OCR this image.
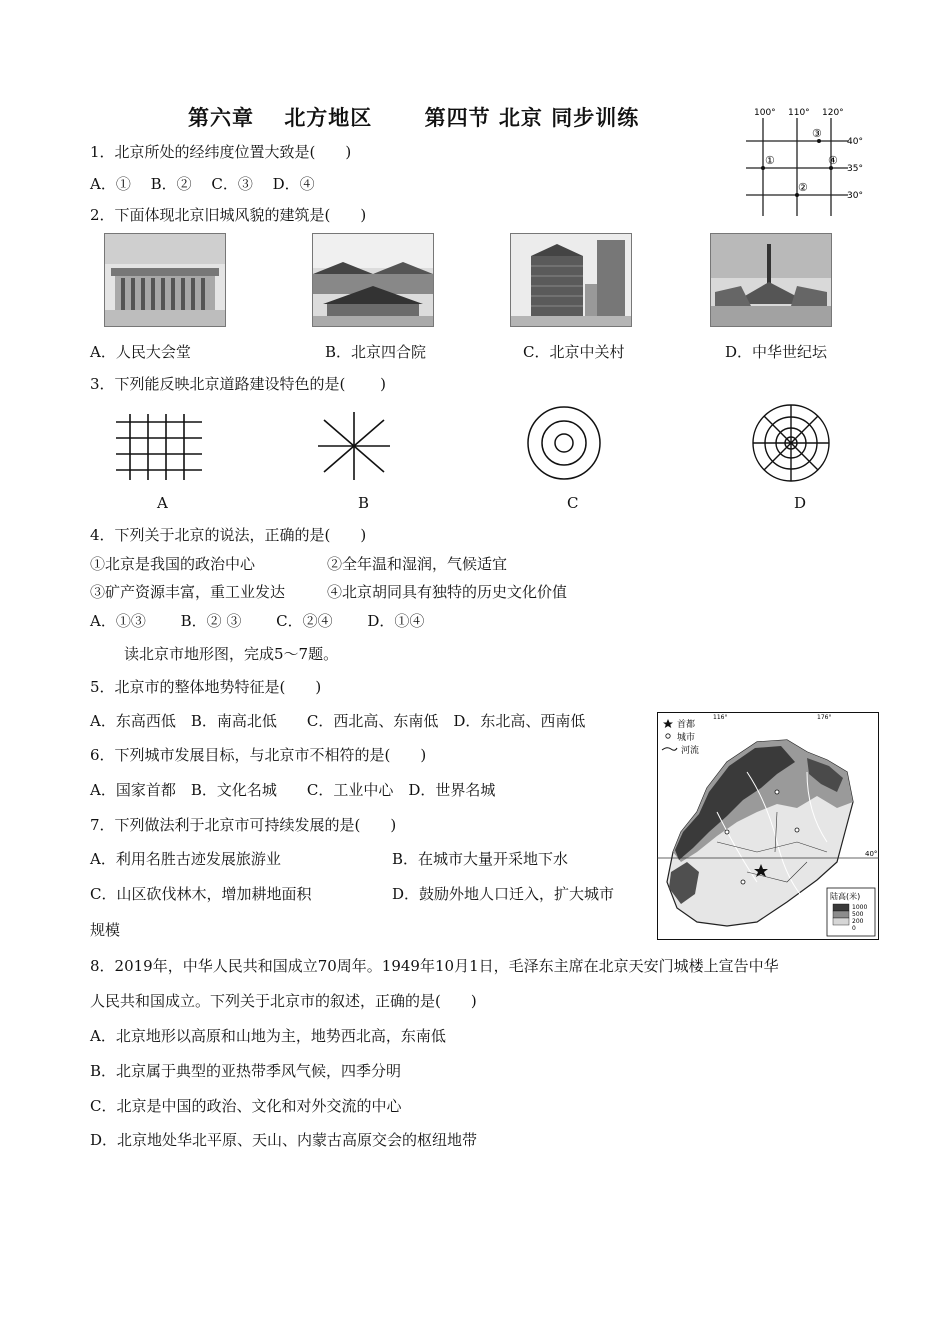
第六章　 北方地区　　 第四节 北京 同步训练	100° 110° 120°
40°
35°
30°
①
②
③
④
1．北京所处的经纬度位置大致是(　　)
A．①　 B．②　 C．③　 D．④
2．下面体现北京旧城风貌的建筑是(　　)
A．人民大会堂	B．北京四合院	C．北京中关村	D．中华世纪坛
3．下列能反映北京道路建设特色的是(　　 )
A	B	C	D
4．下列关于北京的说法，正确的是(　　)
①北京是我国的政治中心	②全年温和湿润，气候适宜
③矿产资源丰富，重工业发达	④北京胡同具有独特的历史文化价值
A．①③　　 B．② ③　　 C．②④　　 D．①④
读北京市地形图，完成5～7题。
5．北京市的整体地势特征是(　　)
A．东高西低　B．南高北低　　C．西北高、东南低　D．东北高、西南低
6．下列城市发展目标，与北京市不相符的是(　　)
A．国家首都　B．文化名城　　C．工业中心　D．世界名城
7．下列做法利于北京市可持续发展的是(　　)
A．利用名胜古迹发展旅游业	B．在城市大量开采地下水
C．山区砍伐林木，增加耕地面积	D．鼓励外地人口迁入，扩大城市
规模
40°
116°	176°
首都
城市
河流
陆高(米)
1000
500
200
0
8．2019年，中华人民共和国成立70周年。1949年10月1日，毛泽东主席在北京天安门城楼上宣告中华
人民共和国成立。下列关于北京市的叙述，正确的是(　　)
A．北京地形以高原和山地为主，地势西北高，东南低
B．北京属于典型的亚热带季风气候，四季分明
C．北京是中国的政治、文化和对外交流的中心
D．北京地处华北平原、天山、内蒙古高原交会的枢纽地带
